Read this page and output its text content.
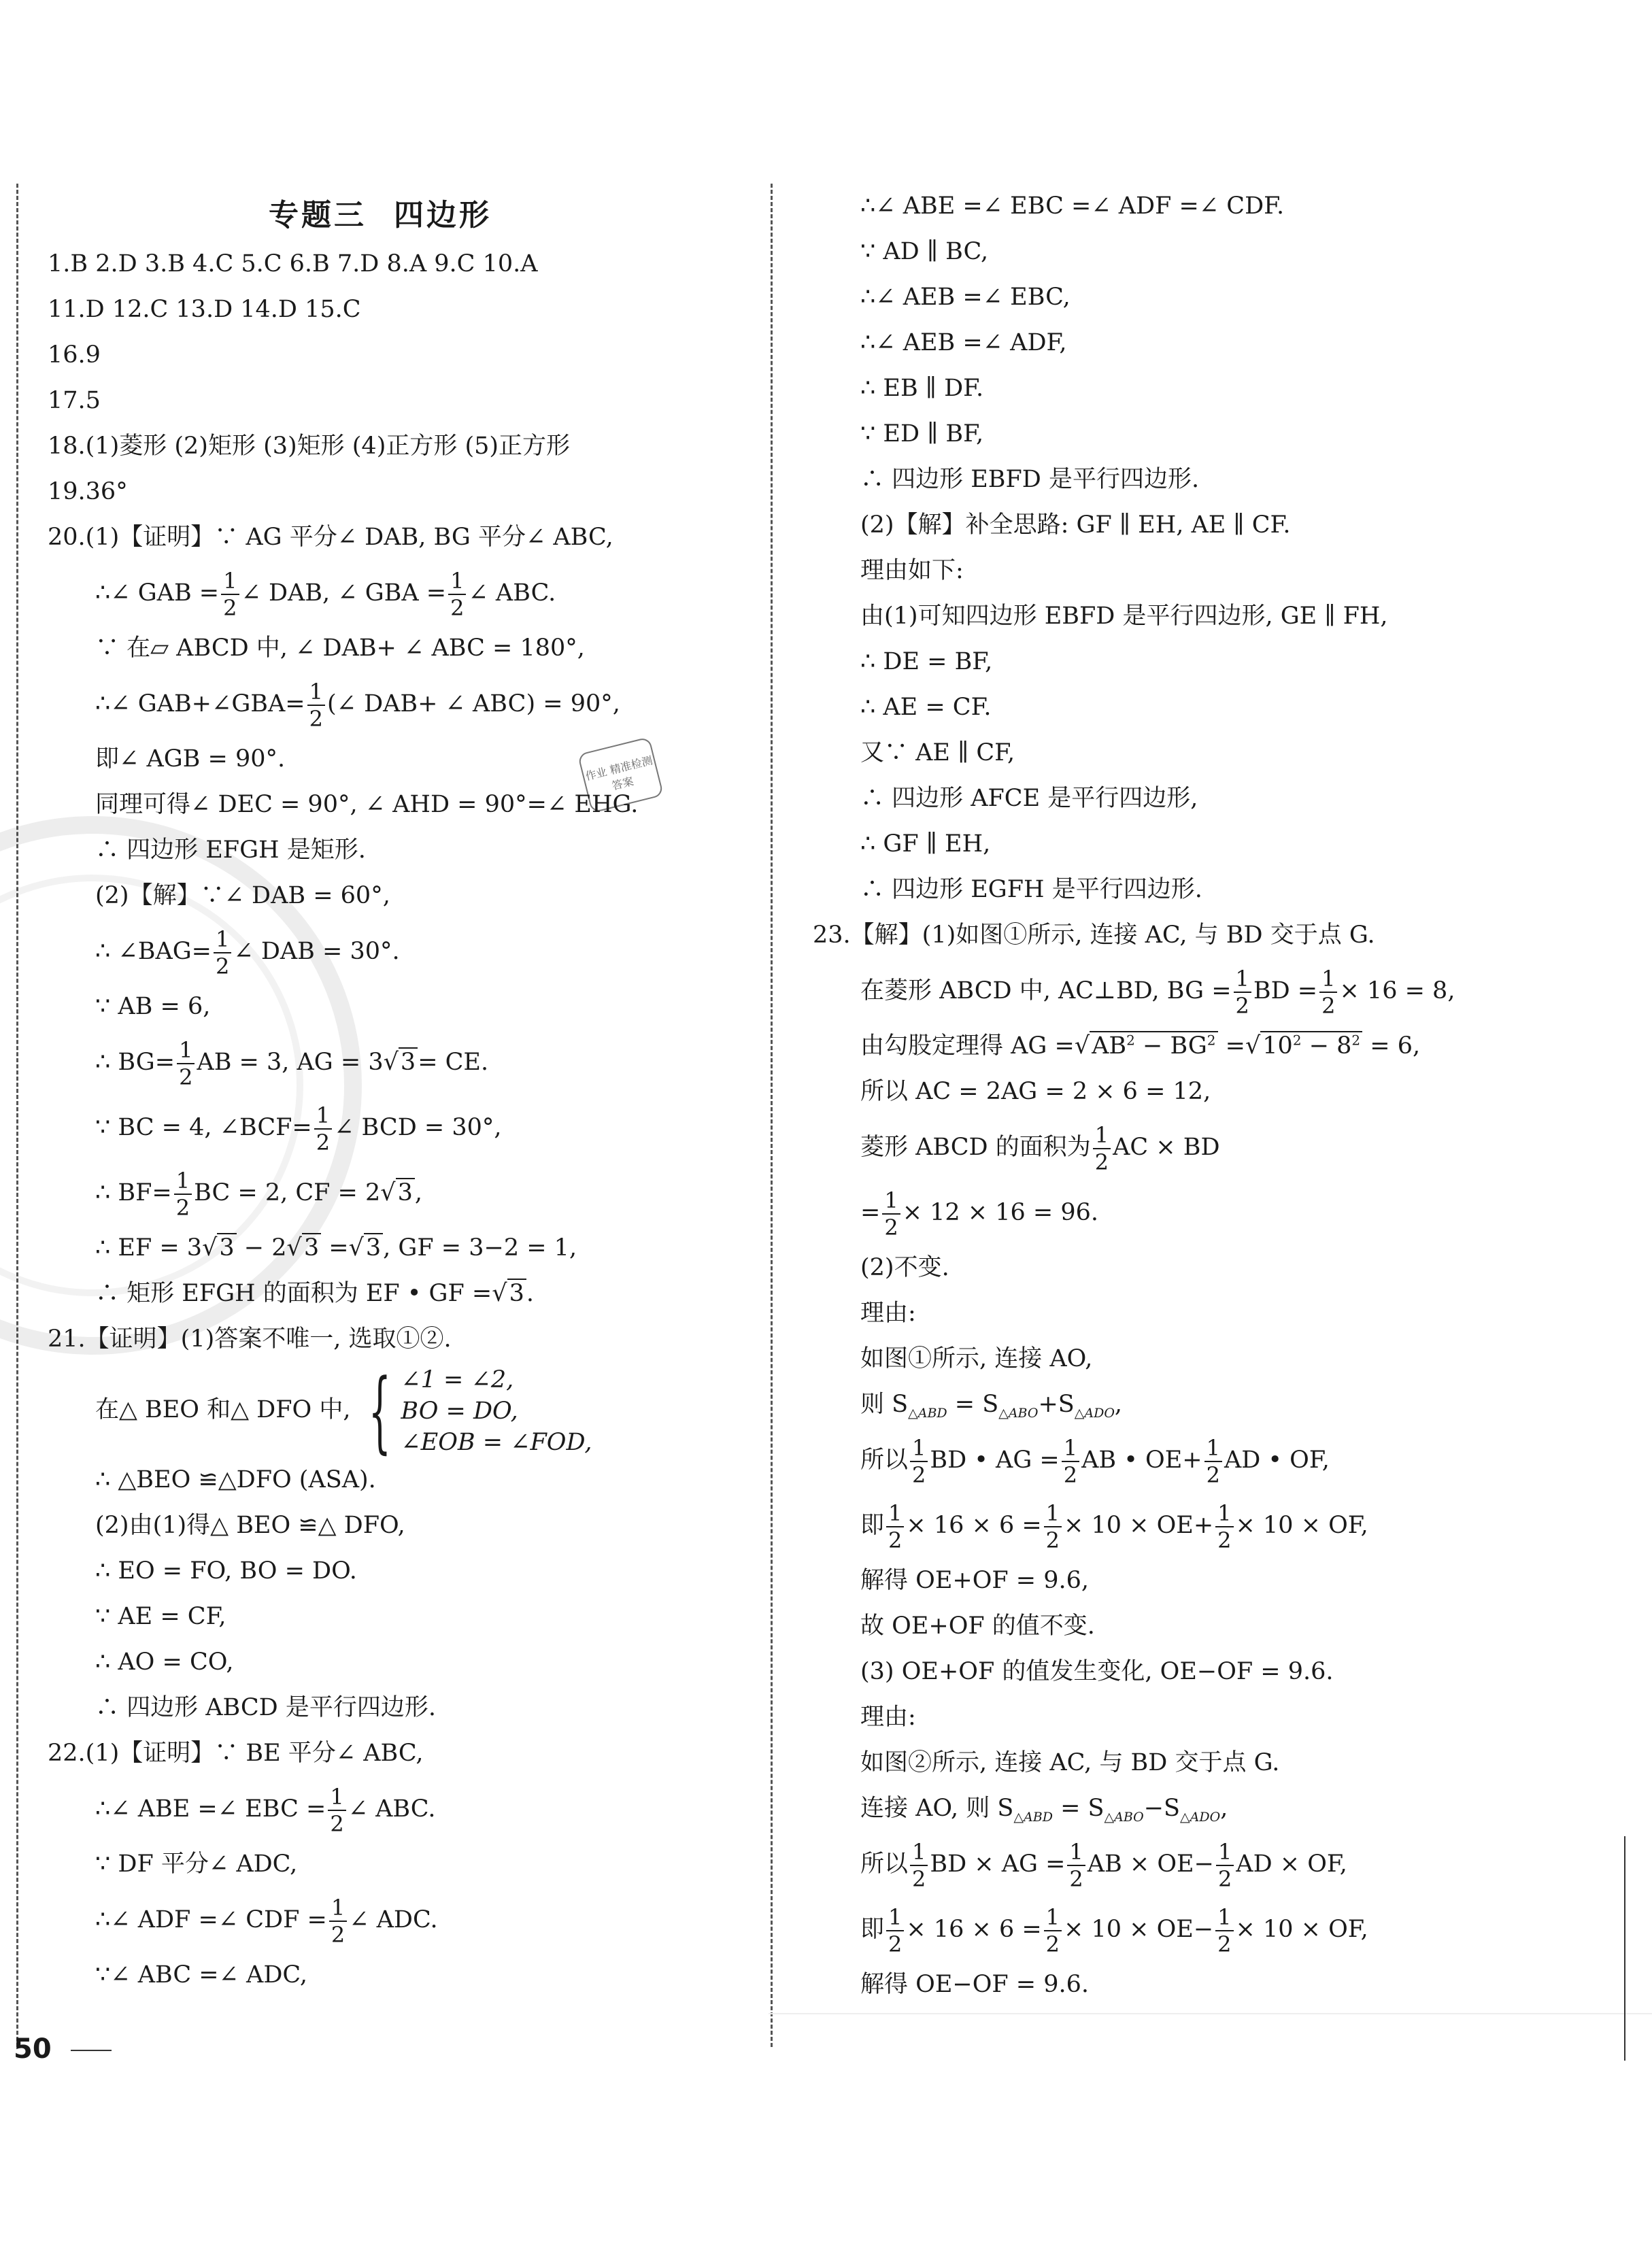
专题三 四边形
作业 精准检测 答案
1.B 2.D 3.B 4.C 5.C 6.B 7.D 8.A 9.C 10.A
11.D 12.C 13.D 14.D 15.C
16.9
17.5
18.(1)菱形 (2)矩形 (3)矩形 (4)正方形 (5)正方形
19.36°
20.(1)【证明】∵ AG 平分∠ DAB, BG 平分∠ ABC,
∴∠ GAB = $\frac{1}{2}$ ∠ DAB, ∠ GBA = $\frac{1}{2}$ ∠ ABC.
∵ 在▱ ABCD 中, ∠ DAB+ ∠ ABC = 180°,
∴∠ GAB+∠GBA= $\frac{1}{2}$ (∠ DAB+ ∠ ABC) = 90°,
即∠ AGB = 90°.
同理可得∠ DEC = 90°, ∠ AHD = 90°=∠ EHG.
∴ 四边形 EFGH 是矩形.
(2)【解】∵∠ DAB = 60°,
∴ ∠BAG= $\frac{1}{2}$ ∠ DAB = 30°.
∵ AB = 6,
∴ $BG= \frac{1}{2}$ AB = 3, AG = 3√3= CE.
∵ BC = 4, ∠BCF= $\frac{1}{2}$ ∠ BCD = 30°,
∴ $BF= \frac{1}{2}$ BC = 2, CF = 2√3,
∴ EF = 3√3 − 2√3 =√3, GF = 3−2 = 1,
∴ 矩形 EFGH 的面积为 EF • GF =√3.
21.【证明】(1)答案不唯一, 选取①②.
在△ BEO 和△ DFO 中, { ∠1 = ∠2,
BO = DO,
∠EOB = ∠FOD,
∴ △BEO ≌△DFO (ASA).
(2)由(1)得△ BEO ≌△ DFO,
∴ EO = FO, BO = DO.
∵ AE = CF,
∴ AO = CO,
∴ 四边形 ABCD 是平行四边形.
22.(1)【证明】∵ BE 平分∠ ABC,
∴∠ ABE =∠ EBC = $\frac{1}{2}$ ∠ ABC.
∵ DF 平分∠ ADC,
∴∠ ADF =∠ CDF = $\frac{1}{2}$ ∠ ADC.
∵∠ ABC =∠ ADC,
∴∠ ABE =∠ EBC =∠ ADF =∠ CDF.
∵ AD ∥ BC,
∴∠ AEB =∠ EBC,
∴∠ AEB =∠ ADF,
∴ EB ∥ DF.
∵ ED ∥ BF,
∴ 四边形 EBFD 是平行四边形.
(2)【解】补全思路: GF ∥ EH, AE ∥ CF.
理由如下:
由(1)可知四边形 EBFD 是平行四边形, GE ∥ FH,
∴ DE = BF,
∴ AE = CF.
又∵ AE ∥ CF,
∴ 四边形 AFCE 是平行四边形,
∴ GF ∥ EH,
∴ 四边形 EGFH 是平行四边形.
23.【解】(1)如图①所示, 连接 AC, 与 BD 交于点 G.
在菱形 ABCD 中, AC⊥BD, BG = $\frac{1}{2}$ BD = $\frac{1}{2} \times 16 = 8$,
由勾股定理得 AG $=√AB^2 - BG^2 =√10^2 - 8^2 = 6$,
所以 AC = 2AG = 2 × 6 = 12,
菱形 ABCD 的面积为 $\frac{1}{2}$ AC × BD
= $\frac{1}{2} \times 12 \times 16 = 96$.
(2)不变.
理由:
如图①所示, 连接 AO,
则 $S_{\triangle ABD} = S_{\triangle ABO}+S_{\triangle ADO}$,
所以 $\frac{1}{2}$ BD • AG = $\frac{1}{2}$ AB • $OE+ \frac{1}{2}$ AD • OF,
即 $\frac{1}{2} \times 16 \times 6 = \frac{1}{2} \times 10 \times OE+ \frac{1}{2} \times 10$ × OF,
解得 OE+OF = 9.6,
故 OE+OF 的值不变.
(3) OE+OF 的值发生变化, OE−OF = 9.6.
理由:
如图②所示, 连接 AC, 与 BD 交于点 G.
连接 AO, 则 $S_{\triangle ABD} = S_{\triangle ABO}-S_{\triangle ADO}$,
所以 $\frac{1}{2}$ BD × AG = $\frac{1}{2}$ AB × $OE- \frac{1}{2}$ AD × OF,
即 $\frac{1}{2} \times 16 \times 6 = \frac{1}{2} \times 10 \times OE- \frac{1}{2} \times 10$ × OF,
解得 OE−OF = 9.6.
50
